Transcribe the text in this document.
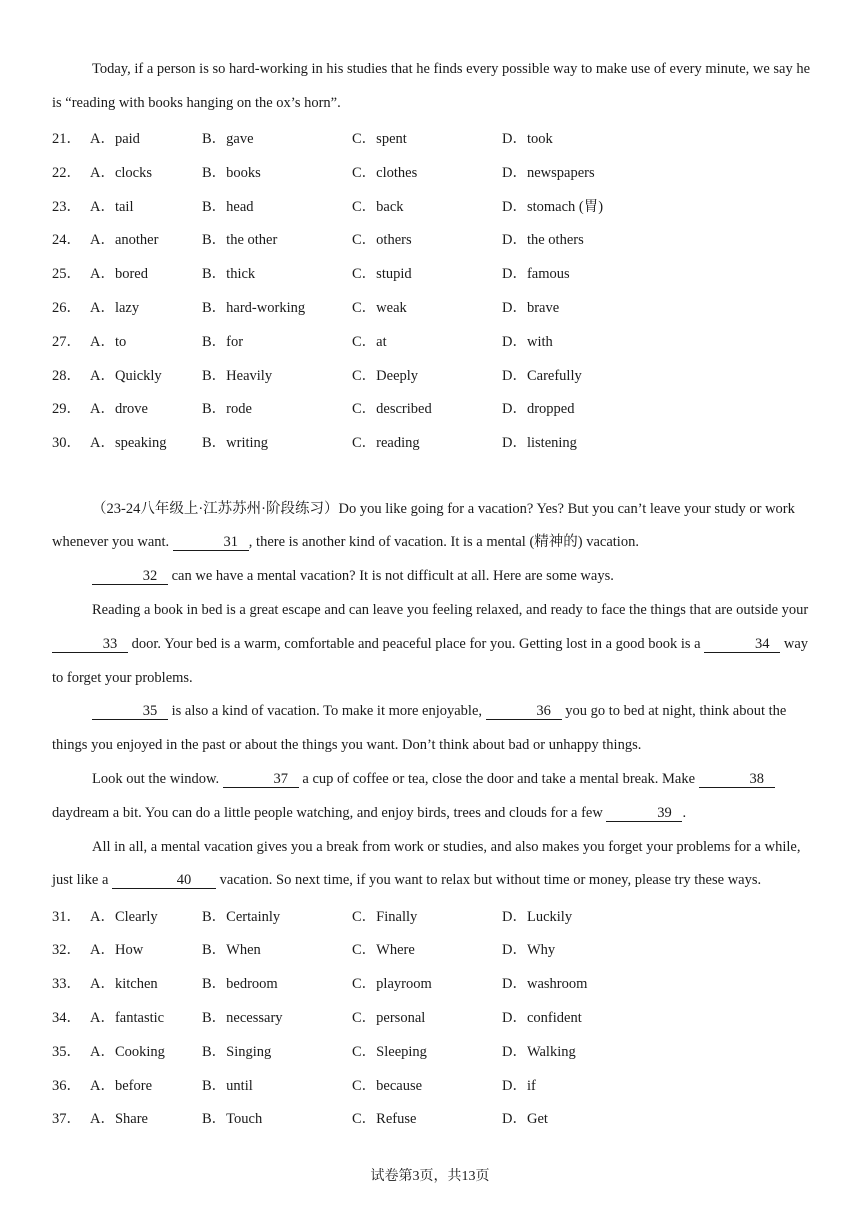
Today, if a person is so hard-working in his studies that he finds every possible way to make use of every minute, we say he is “reading with books hanging on the ox’s horn”.

21． A．paid	B．gave	C．spent	D．took
22． A．clocks	B．books	C．clothes	D．newspapers
23． A．tail	B．head	C．back	D．stomach (胃)
24． A．another	B．the other	C．others	D．the others
25． A．bored	B．thick	C．stupid	D．famous
26． A．lazy	B．hard-working	C．weak	D．brave
27． A．to	B．for	C．at	D．with
28． A．Quickly	B．Heavily	C．Deeply	D．Carefully
29． A．drove	B．rode	C．described	D．dropped
30． A．speaking	B．writing	C．reading	D．listening

（23-24八年级上·江苏苏州·阶段练习）Do you like going for a vacation? Yes? But you can’t leave your study or work whenever you want.	31 , there is another kind of vacation. It is a mental (精神的) vacation.

32 can we have a mental vacation? It is not difficult at all. Here are some ways.

Reading a book in bed is a great escape and can leave you feeling relaxed, and ready to face the things that are outside your 33 door. Your bed is a warm, comfortable and peaceful place for you. Getting lost in a good book is a	34 way to forget your problems.

35 is also a kind of vacation. To make it more enjoyable,	36 you go to bed at night, think about the things you enjoyed in the past or about the things you want. Don’t think about bad or unhappy things.

Look out the window.	37 a cup of coffee or tea, close the door and take a mental break. Make	38 daydream a bit. You can do a little people watching, and enjoy birds, trees and clouds for a few	39 .

All in all, a mental vacation gives you a break from work or studies, and also makes you forget your problems for a while, just like a	40 vacation. So next time, if you want to relax but without time or money, please try these ways.

31． A．Clearly	B．Certainly	C．Finally	D．Luckily
32． A．How	B．When	C．Where	D．Why
33． A．kitchen	B．bedroom	C．playroom	D．washroom
34． A．fantastic	B．necessary	C．personal	D．confident
35． A．Cooking	B．Singing	C．Sleeping	D．Walking
36． A．before	B．until	C．because	D．if
37． A．Share	B．Touch	C．Refuse	D．Get
试卷第3页，共13页
